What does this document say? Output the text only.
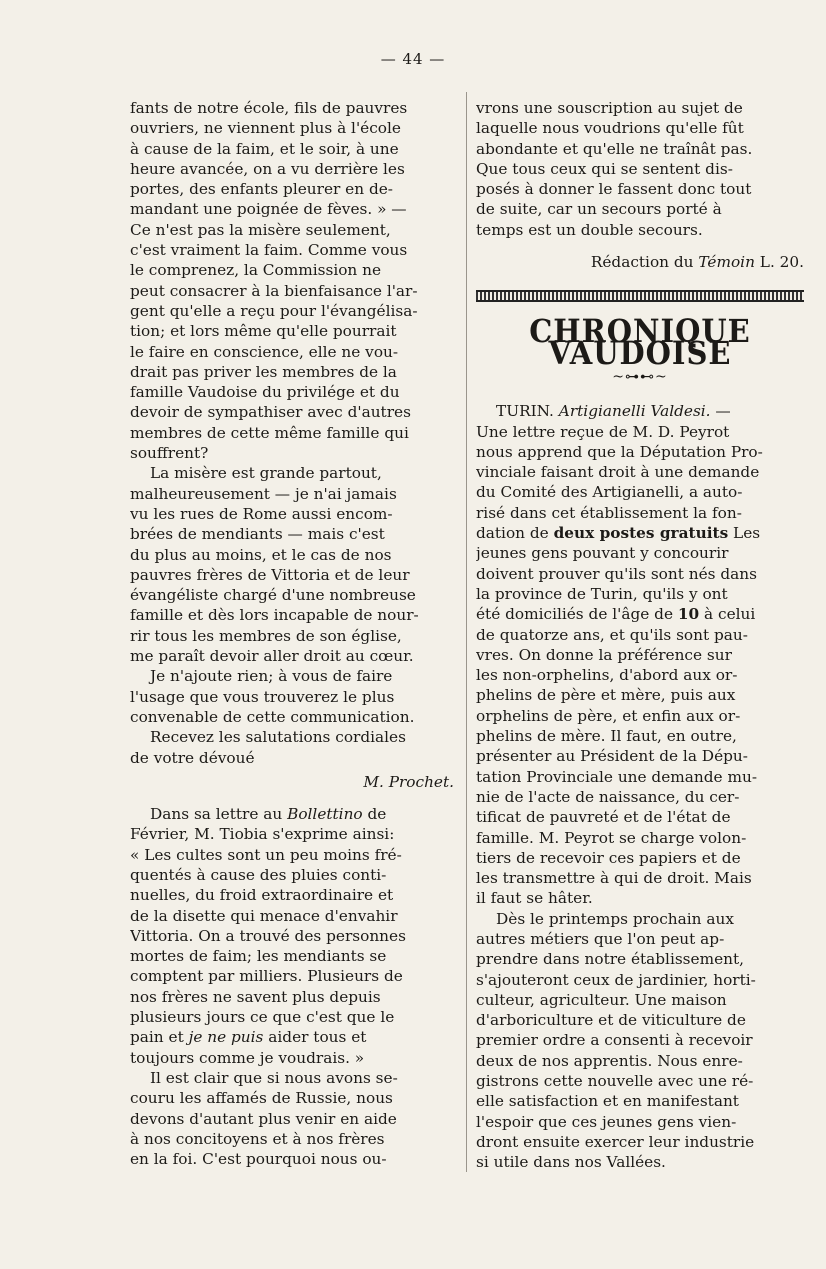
— 44 —
fants de notre école, fils de pauvres
ouvriers, ne viennent plus à l'école
à cause de la faim, et le soir, à une
heure avancée, on a vu derrière les
portes, des enfants pleurer en de-
mandant une poignée de fèves. » —
Ce n'est pas la misère seulement,
c'est vraiment la faim. Comme vous
le comprenez, la Commission ne
peut consacrer à la bienfaisance l'ar-
gent qu'elle a reçu pour l'évangélisa-
tion; et lors même qu'elle pourrait
le faire en conscience, elle ne vou-
drait pas priver les membres de la
famille Vaudoise du privilége et du
devoir de sympathiser avec d'autres
membres de cette même famille qui
souffrent?
La misère est grande partout,
malheureusement — je n'ai jamais
vu les rues de Rome aussi encom-
brées de mendiants — mais c'est
du plus au moins, et le cas de nos
pauvres frères de Vittoria et de leur
évangéliste chargé d'une nombreuse
famille et dès lors incapable de nour-
rir tous les membres de son église,
me paraît devoir aller droit au cœur.
Je n'ajoute rien; à vous de faire
l'usage que vous trouverez le plus
convenable de cette communication.
Recevez les salutations cordiales
de votre dévoué
M. Prochet.
Dans sa lettre au Bollettino de
Février, M. Tiobia s'exprime ainsi:
« Les cultes sont un peu moins fré-
quentés à cause des pluies conti-
nuelles, du froid extraordinaire et
de la disette qui menace d'envahir
Vittoria. On a trouvé des personnes
mortes de faim; les mendiants se
comptent par milliers. Plusieurs de
nos frères ne savent plus depuis
plusieurs jours ce que c'est que le
pain et je ne puis aider tous et
toujours comme je voudrais. »
Il est clair que si nous avons se-
couru les affamés de Russie, nous
devons d'autant plus venir en aide
à nos concitoyens et à nos frères
en la foi. C'est pourquoi nous ou-
vrons une souscription au sujet de
laquelle nous voudrions qu'elle fût
abondante et qu'elle ne traînât pas.
Que tous ceux qui se sentent dis-
posés à donner le fassent donc tout
de suite, car un secours porté à
temps est un double secours.
Rédaction du Témoin L. 20.
CHRONIQUE VAUDOISE
~⊶⊷~
TURIN. Artigianelli Valdesi. —
Une lettre reçue de M. D. Peyrot
nous apprend que la Députation Pro-
vinciale faisant droit à une demande
du Comité des Artigianelli, a auto-
risé dans cet établissement la fon-
dation de deux postes gratuits Les
jeunes gens pouvant y concourir
doivent prouver qu'ils sont nés dans
la province de Turin, qu'ils y ont
été domiciliés de l'âge de 10 à celui
de quatorze ans, et qu'ils sont pau-
vres. On donne la préférence sur
les non-orphelins, d'abord aux or-
phelins de père et mère, puis aux
orphelins de père, et enfin aux or-
phelins de mère. Il faut, en outre,
présenter au Président de la Dépu-
tation Provinciale une demande mu-
nie de l'acte de naissance, du cer-
tificat de pauvreté et de l'état de
famille. M. Peyrot se charge volon-
tiers de recevoir ces papiers et de
les transmettre à qui de droit. Mais
il faut se hâter.
Dès le printemps prochain aux
autres métiers que l'on peut ap-
prendre dans notre établissement,
s'ajouteront ceux de jardinier, horti-
culteur, agriculteur. Une maison
d'arboriculture et de viticulture de
premier ordre a consenti à recevoir
deux de nos apprentis. Nous enre-
gistrons cette nouvelle avec une ré-
elle satisfaction et en manifestant
l'espoir que ces jeunes gens vien-
dront ensuite exercer leur industrie
si utile dans nos Vallées.
